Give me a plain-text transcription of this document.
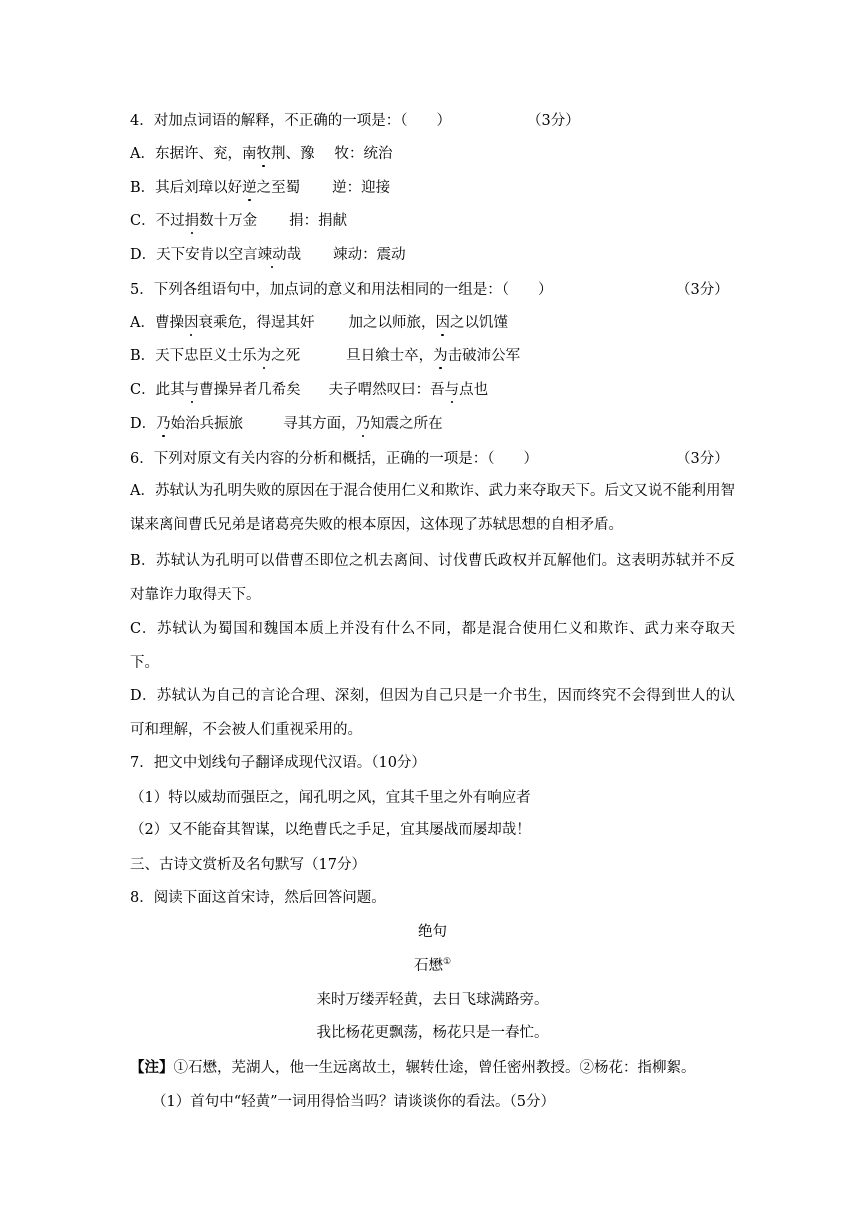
4．对加点词语的解释，不正确的一项是：（　　）	（3分）
A．东据许、兖，南牧荆、豫 牧：统治
B．其后刘璋以好逆之至蜀 逆：迎接
C．不过捐数十万金 捐：捐献
D．天下安肯以空言竦动哉 竦动：震动
5．下列各组语句中，加点词的意义和用法相同的一组是：（　　）	（3分）
A．曹操因衰乘危，得逞其奸 加之以师旅，因之以饥馑
B．天下忠臣义士乐为之死	旦日飨士卒，为击破沛公军
C．此其与曹操异者几希矣 夫子喟然叹曰：吾与点也
D．乃始治兵振旅	寻其方面，乃知震之所在
6．下列对原文有关内容的分析和概括，正确的一项是：（　　）	（3分）
A．苏轼认为孔明失败的原因在于混合使用仁义和欺诈、武力来夺取天下。后文又说不能利用智谋来离间曹氏兄弟是诸葛亮失败的根本原因，这体现了苏轼思想的自相矛盾。
B．苏轼认为孔明可以借曹丕即位之机去离间、讨伐曹氏政权并瓦解他们。这表明苏轼并不反对靠诈力取得天下。
C．苏轼认为蜀国和魏国本质上并没有什么不同，都是混合使用仁义和欺诈、武力来夺取天下。
D．苏轼认为自己的言论合理、深刻，但因为自己只是一介书生，因而终究不会得到世人的认可和理解，不会被人们重视采用的。
7．把文中划线句子翻译成现代汉语。（10分）
（1）特以威劫而强臣之，闻孔明之风，宜其千里之外有响应者
（2）又不能奋其智谋，以绝曹氏之手足，宜其屡战而屡却哉！
三、古诗文赏析及名句默写（17分）
8．阅读下面这首宋诗，然后回答问题。
绝句
石懋①
来时万缕弄轻黄，去日飞球满路旁。
我比杨花更飘荡，杨花只是一春忙。
【注】①石懋，芜湖人，他一生远离故土，辗转仕途，曾任密州教授。②杨花：指柳絮。
（1）首句中“轻黄”一词用得恰当吗？请谈谈你的看法。（5分）
